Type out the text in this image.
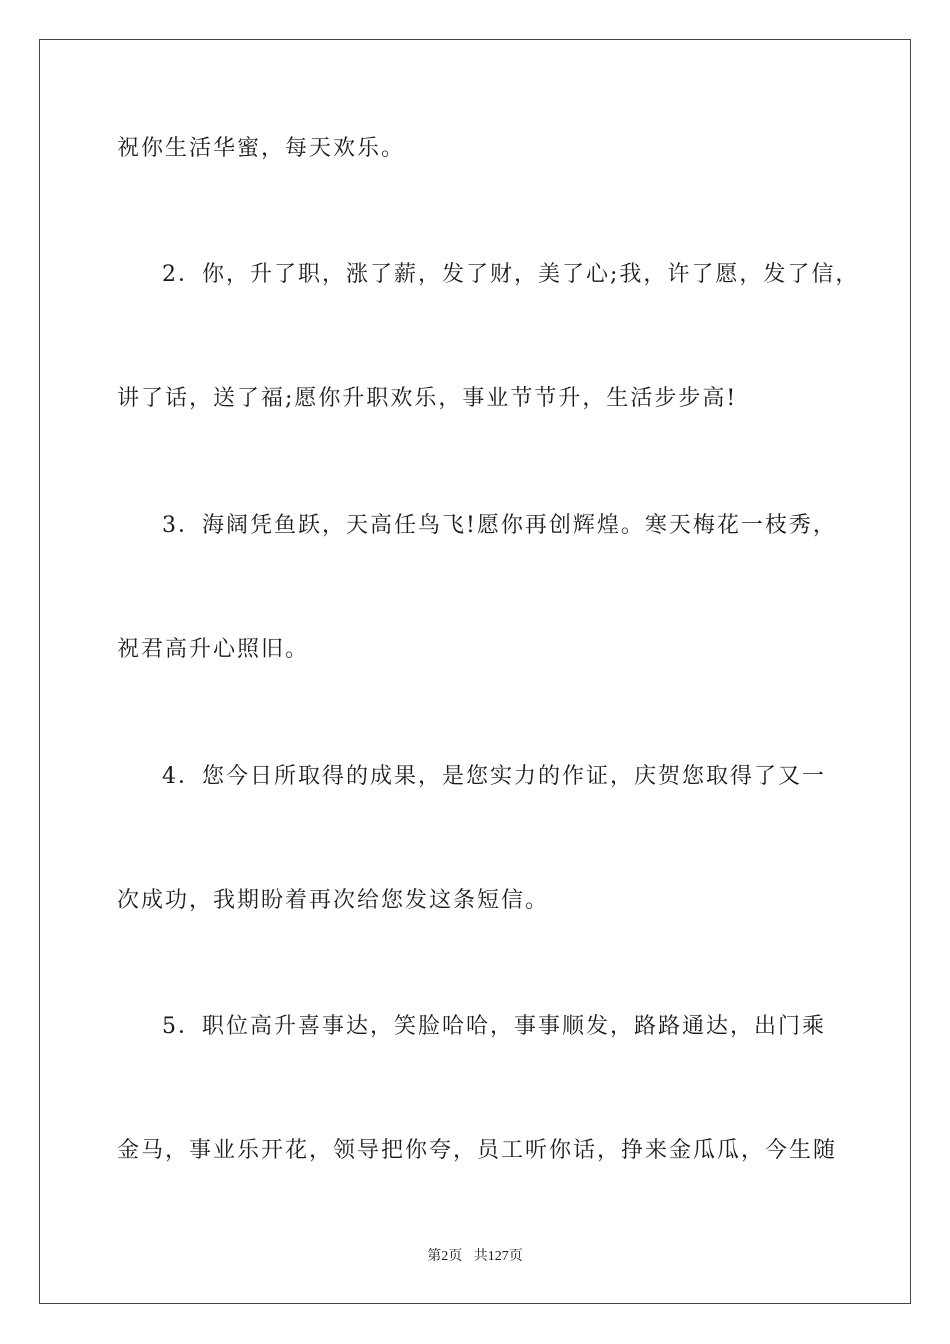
祝你生活华蜜，每天欢乐。
2．你，升了职，涨了薪，发了财，美了心;我，许了愿，发了信，
讲了话，送了福;愿你升职欢乐，事业节节升，生活步步高!
3．海阔凭鱼跃，天高任鸟飞!愿你再创辉煌。寒天梅花一枝秀，
祝君高升心照旧。
4．您今日所取得的成果，是您实力的作证，庆贺您取得了又一
次成功，我期盼着再次给您发这条短信。
5．职位高升喜事达，笑脸哈哈，事事顺发，路路通达，出门乘
金马，事业乐开花，领导把你夸，员工听你话，挣来金瓜瓜，今生随
第2页 共127页
